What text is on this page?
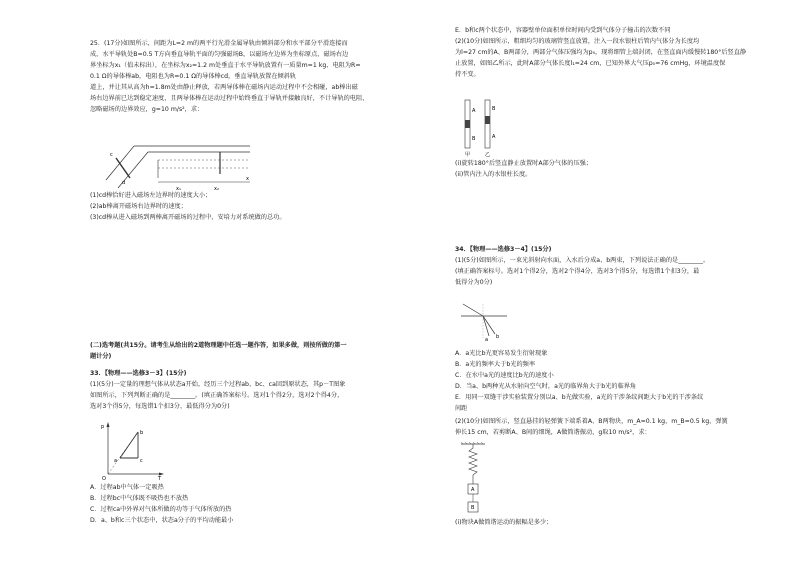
25．(17分)如图所示，间距为L=2 m的两平行光滑金属导轨由倾斜部分和水平部分平滑连接而
成，水平导轨处B=0.5 T方向垂直导轨平面的匀强磁场B，以磁场左边界为坐标原点，磁场右边
界坐标为x₁（值未标出），在坐标为x₂=1.2 m处垂直于水平导轨放置有一质量m=1 kg、电阻为R=
0.1 Ω的导体棒ab，电阻也为R=0.1 Ω的导体棒cd，垂直导轨放置在倾斜轨
道上，并让其从高为h=1.8m处由静止释放，若两导体棒在磁场内运动过程中不会相碰，ab棒出磁
场右边界前已达到稳定速度，且两导体棒在运动过程中始终垂直于导轨并接触良好，不计导轨的电阻，
忽略磁场的边界效应，g=10 m/s²，求：
c
d
x
x₁	x₂
(1)cd棒恰好进入磁场左边界时的速度大小；
(2)ab棒离开磁场右边界时的速度；
(3)cd棒从进入磁场到两棒离开磁场的过程中，安培力对系统做的总功。
(二)选考题(共15分。请考生从给出的2道物理题中任选一题作答，如果多做，则按所做的第一
题计分)
33．【物理——选修3－3】(15分)
(1)(5分)一定量的理想气体从状态a开始，经历三个过程ab、bc、ca回到原状态，其p－T图象
如图所示，下列判断正确的是________。(填正确答案标号。选对1个得2分，选对2个得4分，
选对3个得5分，每选错1个扣3分，最低得分为0分)
p
T
O
a
b
c
A．过程ab中气体一定吸热
B．过程bc中气体既不吸热也不放热
C．过程ca中外界对气体所做的功等于气体所放的热
D．a、b和c三个状态中，状态a分子的平均动能最小
E．b和c两个状态中，容器壁单位面积单位时间内受到气体分子撞击的次数不同
(2)(10分)如图所示，粗细均匀的玻璃管竖直放置，注入一段水银柱后管内气体分为长度均
为l=27 cm的A、B两部分，两部分气体压强均为p₀，现将细管上端封闭，在竖直面内缓慢转180°后竖直静
止放置，如图乙所示，此时A部分气体长度l₁=24 cm，已知外界大气压p₀=76 cmHg，环境温度保
持不变。
A
B
B
A
甲	乙
(i)旋转180°后竖直静止放置时A部分气体的压强；
(ii)管内注入的水银柱长度。
34．【物理——选修3－4】(15分)
(1)(5分)如图所示，一束光斜射向水面，入水后分成a、b两束，下列说法正确的是________。
(填正确答案标号。选对1个得2分，选对2个得4分，选对3个得5分，每选错1个扣3分，最
低得分为0分)
a b
A．a光比b光更容易发生衍射现象
B．a光的频率大于b光的频率
C．在水中a光的速度比b光的速度小
D．当a、b两种光从水射向空气时，a光的临界角大于b光的临界角
E．用同一双缝干涉实验装置分别以a、b光做实验，a光的干涉条纹间距大于b光的干涉条纹
间距
(2)(10分)如图所示，竖直悬挂的轻弹簧下端系着A、B两物块，m_A=0.1 kg，m_B=0.5 kg，弹簧
伸长15 cm，若剪断A、B间的细绳，A做简谐振动，g取10 m/s²，求：
A
B
(i)物块A做简谐运动的振幅是多少；
